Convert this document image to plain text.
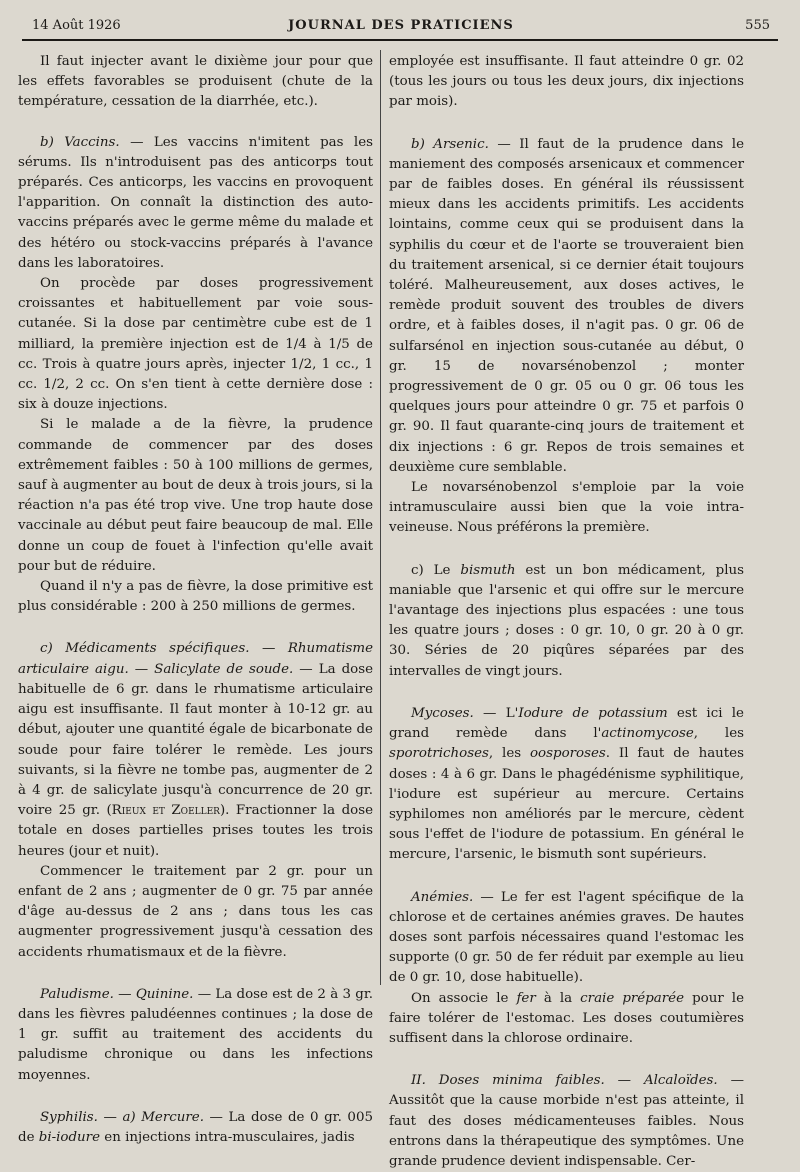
14 Août 1926	JOURNAL DES PRATICIENS	555

Il faut injecter avant le dixième jour pour que les effets favorables se produisent (chute de la température, cessation de la diarrhée, etc.).

b) Vaccins. — Les vaccins n'imitent pas les sérums. Ils n'introduisent pas des anticorps tout préparés. Ces anticorps, les vaccins en provoquent l'apparition. On connaît la distinction des auto-vaccins préparés avec le germe même du malade et des hétéro ou stock-vaccins préparés à l'avance dans les laboratoires.

On procède par doses progressivement croissantes et habituellement par voie sous-cutanée. Si la dose par centimètre cube est de 1 milliard, la première injection est de 1/4 à 1/5 de cc. Trois à quatre jours après, injecter 1/2, 1 cc., 1 cc. 1/2, 2 cc. On s'en tient à cette dernière dose : six à douze injections.

Si le malade a de la fièvre, la prudence commande de commencer par des doses extrêmement faibles : 50 à 100 millions de germes, sauf à augmenter au bout de deux à trois jours, si la réaction n'a pas été trop vive. Une trop haute dose vaccinale au début peut faire beaucoup de mal. Elle donne un coup de fouet à l'infection qu'elle avait pour but de réduire.

Quand il n'y a pas de fièvre, la dose primitive est plus considérable : 200 à 250 millions de germes.

c) Médicaments spécifiques. — Rhumatisme articulaire aigu. — Salicylate de soude. — La dose habituelle de 6 gr. dans le rhumatisme articulaire aigu est insuffisante. Il faut monter à 10-12 gr. au début, ajouter une quantité égale de bicarbonate de soude pour faire tolérer le remède. Les jours suivants, si la fièvre ne tombe pas, augmenter de 2 à 4 gr. de salicylate jusqu'à concurrence de 20 gr. voire 25 gr. (Rieux et Zoeller). Fractionner la dose totale en doses partielles prises toutes les trois heures (jour et nuit).

Commencer le traitement par 2 gr. pour un enfant de 2 ans ; augmenter de 0 gr. 75 par année d'âge au-dessus de 2 ans ; dans tous les cas augmenter progressivement jusqu'à cessation des accidents rhumatismaux et de la fièvre.

Paludisme. — Quinine. — La dose est de 2 à 3 gr. dans les fièvres paludéennes continues ; la dose de 1 gr. suffit au traitement des accidents du paludisme chronique ou dans les infections moyennes.

Syphilis. — a) Mercure. — La dose de 0 gr. 005 de bi-iodure en injections intra-musculaires, jadis

employée est insuffisante. Il faut atteindre 0 gr. 02 (tous les jours ou tous les deux jours, dix injections par mois).

b) Arsenic. — Il faut de la prudence dans le maniement des composés arsenicaux et commencer par de faibles doses. En général ils réussissent mieux dans les accidents primitifs. Les accidents lointains, comme ceux qui se produisent dans la syphilis du cœur et de l'aorte se trouveraient bien du traitement arsenical, si ce dernier était toujours toléré. Malheureusement, aux doses actives, le remède produit souvent des troubles de divers ordre, et à faibles doses, il n'agit pas. 0 gr. 06 de sulfarsénol en injection sous-cutanée au début, 0 gr. 15 de novarsénobenzol ; monter progressivement de 0 gr. 05 ou 0 gr. 06 tous les quelques jours pour atteindre 0 gr. 75 et parfois 0 gr. 90. Il faut quarante-cinq jours de traitement et dix injections : 6 gr. Repos de trois semaines et deuxième cure semblable.

Le novarsénobenzol s'emploie par la voie intramusculaire aussi bien que la voie intra-veineuse. Nous préférons la première.

c) Le bismuth est un bon médicament, plus maniable que l'arsenic et qui offre sur le mercure l'avantage des injections plus espacées : une tous les quatre jours ; doses : 0 gr. 10, 0 gr. 20 à 0 gr. 30. Séries de 20 piqûres séparées par des intervalles de vingt jours.

Mycoses. — L'Iodure de potassium est ici le grand remède dans l'actinomycose, les sporotrichoses, les oosporoses. Il faut de hautes doses : 4 à 6 gr. Dans le phagédénisme syphilitique, l'iodure est supérieur au mercure. Certains syphilomes non améliorés par le mercure, cèdent sous l'effet de l'iodure de potassium. En général le mercure, l'arsenic, le bismuth sont supérieurs.

Anémies. — Le fer est l'agent spécifique de la chlorose et de certaines anémies graves. De hautes doses sont parfois nécessaires quand l'estomac les supporte (0 gr. 50 de fer réduit par exemple au lieu de 0 gr. 10, dose habituelle).

On associe le fer à la craie préparée pour le faire tolérer de l'estomac. Les doses coutumières suffisent dans la chlorose ordinaire.

II. Doses minima faibles. — Alcaloïdes. — Aussitôt que la cause morbide n'est pas atteinte, il faut des doses médicamenteuses faibles. Nous entrons dans la thérapeutique des symptômes. Une grande prudence devient indispensable. Cer-
